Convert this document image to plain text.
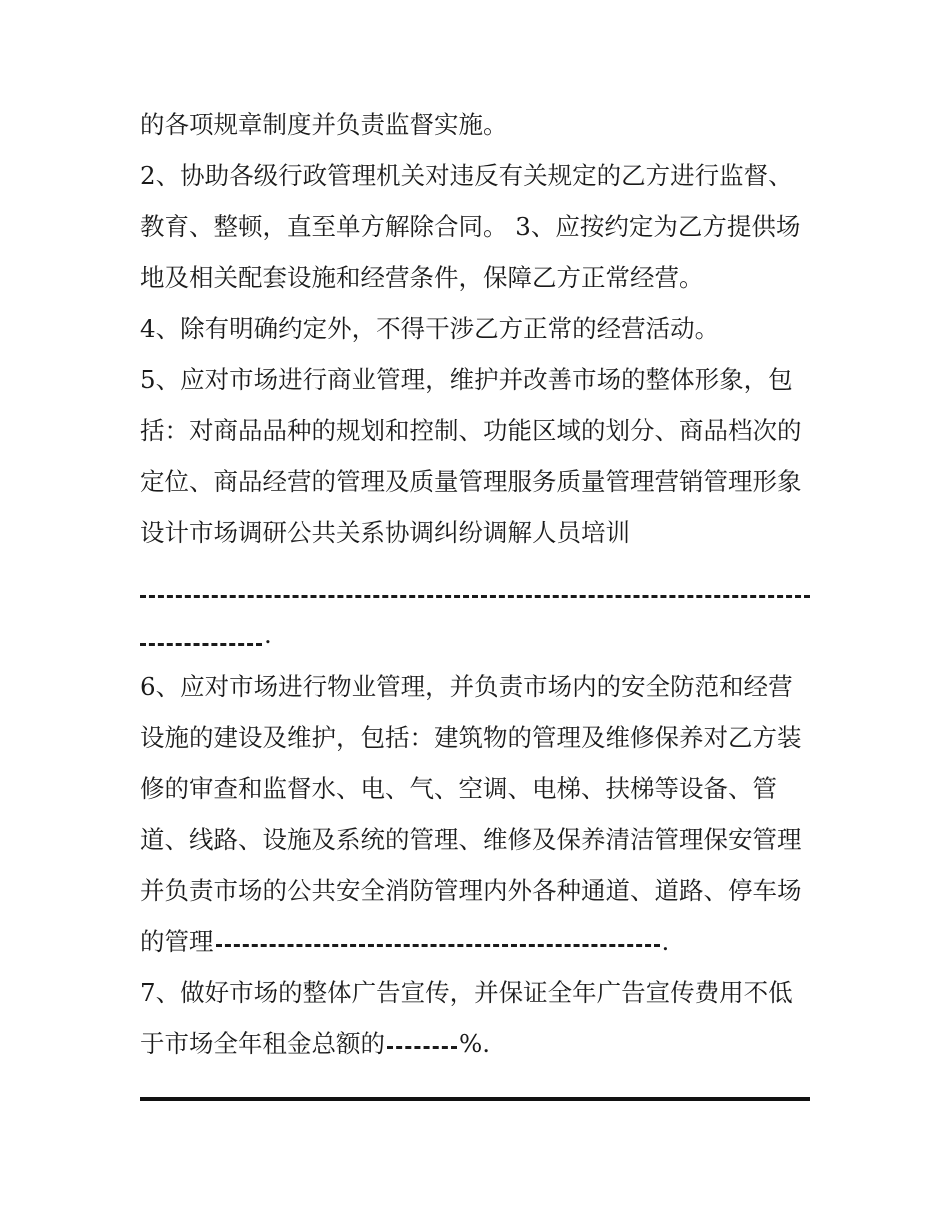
的各项规章制度并负责监督实施。
2、协助各级行政管理机关对违反有关规定的乙方进行监督、
教育、整顿，直至单方解除合同。 3、应按约定为乙方提供场
地及相关配套设施和经营条件，保障乙方正常经营。
4、除有明确约定外，不得干涉乙方正常的经营活动。
5、应对市场进行商业管理，维护并改善市场的整体形象，包
括：对商品品种的规划和控制、功能区域的划分、商品档次的
定位、商品经营的管理及质量管理服务质量管理营销管理形象
设计市场调研公共关系协调纠纷调解人员培训
.
6、应对市场进行物业管理，并负责市场内的安全防范和经营
设施的建设及维护，包括：建筑物的管理及维修保养对乙方装
修的审查和监督水、电、气、空调、电梯、扶梯等设备、管
道、线路、设施及系统的管理、维修及保养清洁管理保安管理
并负责市场的公共安全消防管理内外各种通道、道路、停车场
的管理	.
7、做好市场的整体广告宣传，并保证全年广告宣传费用不低
于市场全年租金总额的	%.
